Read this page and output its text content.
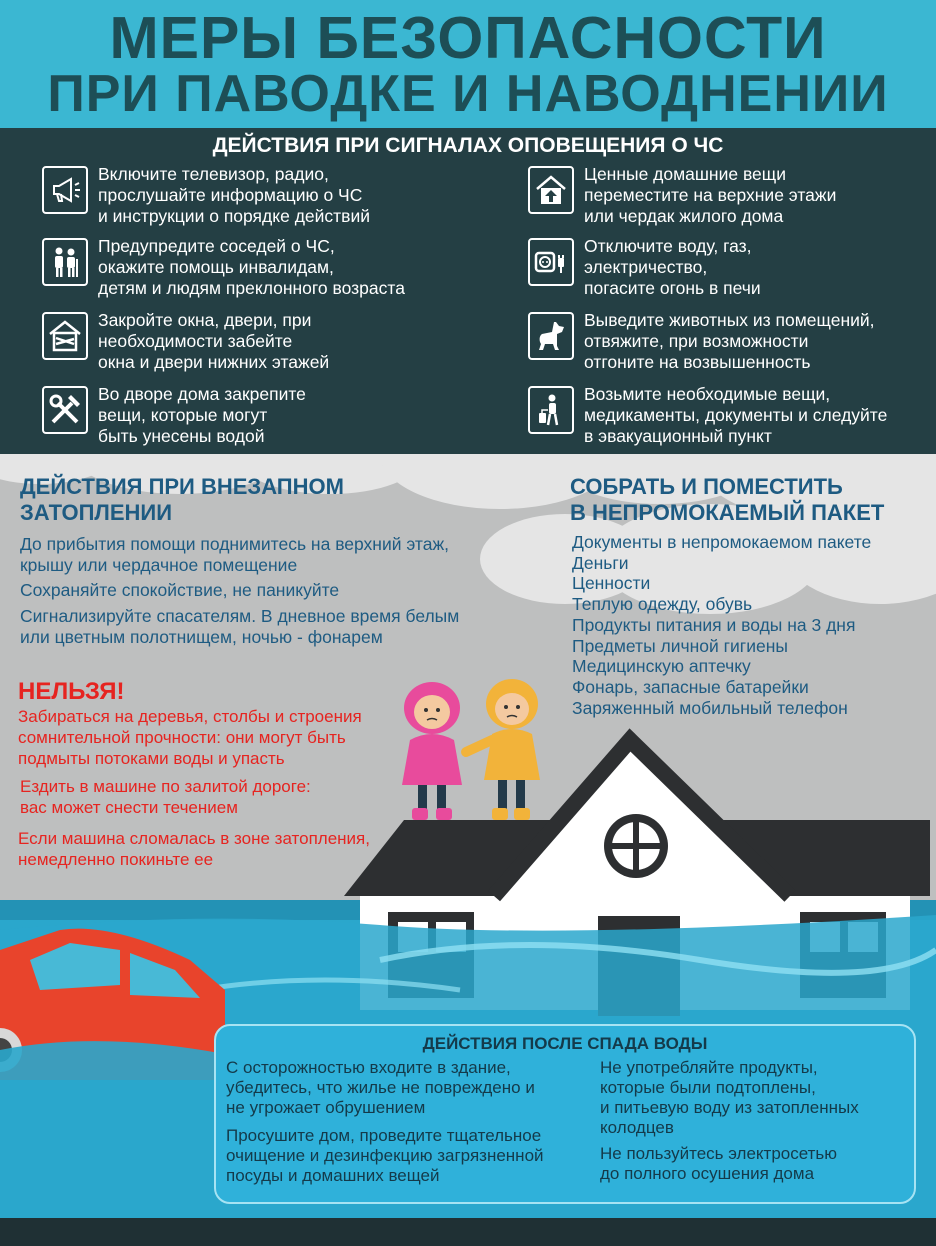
МЕРЫ БЕЗОПАСНОСТИ
ПРИ ПАВОДКЕ И НАВОДНЕНИИ
ДЕЙСТВИЯ ПРИ СИГНАЛАХ ОПОВЕЩЕНИЯ О ЧС
Включите телевизор, радио,
прослушайте информацию о ЧС
и инструкции о порядке действий
Предупредите соседей о ЧС,
окажите помощь инвалидам,
детям и людям преклонного возраста
Закройте окна, двери, при
необходимости забейте
окна и двери нижних этажей
Во дворе дома закрепите
вещи, которые могут
быть унесены водой
Ценные домашние вещи
переместите на верхние этажи
или чердак жилого дома
Отключите воду, газ,
электричество,
погасите огонь в печи
Выведите животных из помещений,
отвяжите, при возможности
отгоните на возвышенность
Возьмите необходимые вещи,
медикаменты, документы и следуйте
в эвакуационный пункт
ДЕЙСТВИЯ ПРИ ВНЕЗАПНОМ
ЗАТОПЛЕНИИ
До прибытия помощи поднимитесь на верхний этаж,
крышу или чердачное помещение
Сохраняйте спокойствие, не паникуйте
Сигнализируйте спасателям. В дневное время белым
или цветным полотнищем, ночью - фонарем
НЕЛЬЗЯ!
Забираться на деревья, столбы и строения
сомнительной прочности: они могут быть
подмыты потоками воды и упасть
Ездить в машине по залитой дороге:
вас может снести течением
Если машина сломалась в зоне затопления,
немедленно покиньте ее
СОБРАТЬ И ПОМЕСТИТЬ
В НЕПРОМОКАЕМЫЙ ПАКЕТ
Документы в непромокаемом пакете
Деньги
Ценности
Теплую одежду, обувь
Продукты питания и воды на 3 дня
Предметы личной гигиены
Медицинскую аптечку
Фонарь, запасные батарейки
Заряженный мобильный телефон
ДЕЙСТВИЯ ПОСЛЕ СПАДА ВОДЫ
С осторожностью входите в здание,
убедитесь, что жилье не повреждено и
не угрожает обрушением
Просушите дом, проведите тщательное
очищение и дезинфекцию загрязненной
посуды и домашних вещей
Не употребляйте продукты,
которые были подтоплены,
и питьевую воду из затопленных
колодцев
Не пользуйтесь электросетью
до полного осушения дома
